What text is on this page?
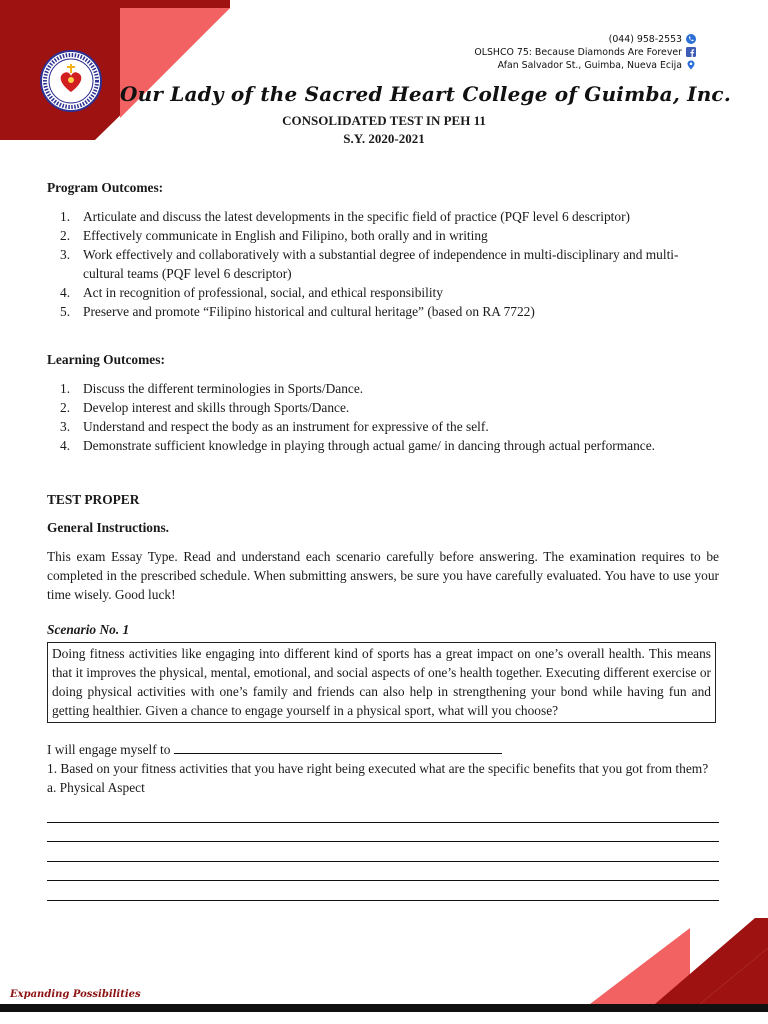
(044) 958-2553
OLSHCO 75: Because Diamonds Are Forever
Afan Salvador St., Guimba, Nueva Ecija
Our Lady of the Sacred Heart College of Guimba, Inc.
CONSOLIDATED TEST IN PEH 11
S.Y. 2020-2021
Program Outcomes:
1. Articulate and discuss the latest developments in the specific field of practice (PQF level 6 descriptor)
2. Effectively communicate in English and Filipino, both orally and in writing
3. Work effectively and collaboratively with a substantial degree of independence in multi-disciplinary and multi-cultural teams (PQF level 6 descriptor)
4. Act in recognition of professional, social, and ethical responsibility
5. Preserve and promote “Filipino historical and cultural heritage” (based on RA 7722)
Learning Outcomes:
1. Discuss the different terminologies in Sports/Dance.
2. Develop interest and skills through Sports/Dance.
3. Understand and respect the body as an instrument for expressive of the self.
4. Demonstrate sufficient knowledge in playing through actual game/ in dancing through actual performance.
TEST PROPER
General Instructions.
This exam Essay Type. Read and understand each scenario carefully before answering. The examination requires to be completed in the prescribed schedule. When submitting answers, be sure you have carefully evaluated. You have to use your time wisely. Good luck!
Scenario No. 1
Doing fitness activities like engaging into different kind of sports has a great impact on one’s overall health. This means that it improves the physical, mental, emotional, and social aspects of one’s health together. Executing different exercise or doing physical activities with one’s family and friends can also help in strengthening your bond while having fun and getting healthier. Given a chance to engage yourself in a physical sport, what will you choose?
I will engage myself to
1. Based on your fitness activities that you have right being executed what are the specific benefits that you got from them?
a. Physical Aspect
Expanding Possibilities
